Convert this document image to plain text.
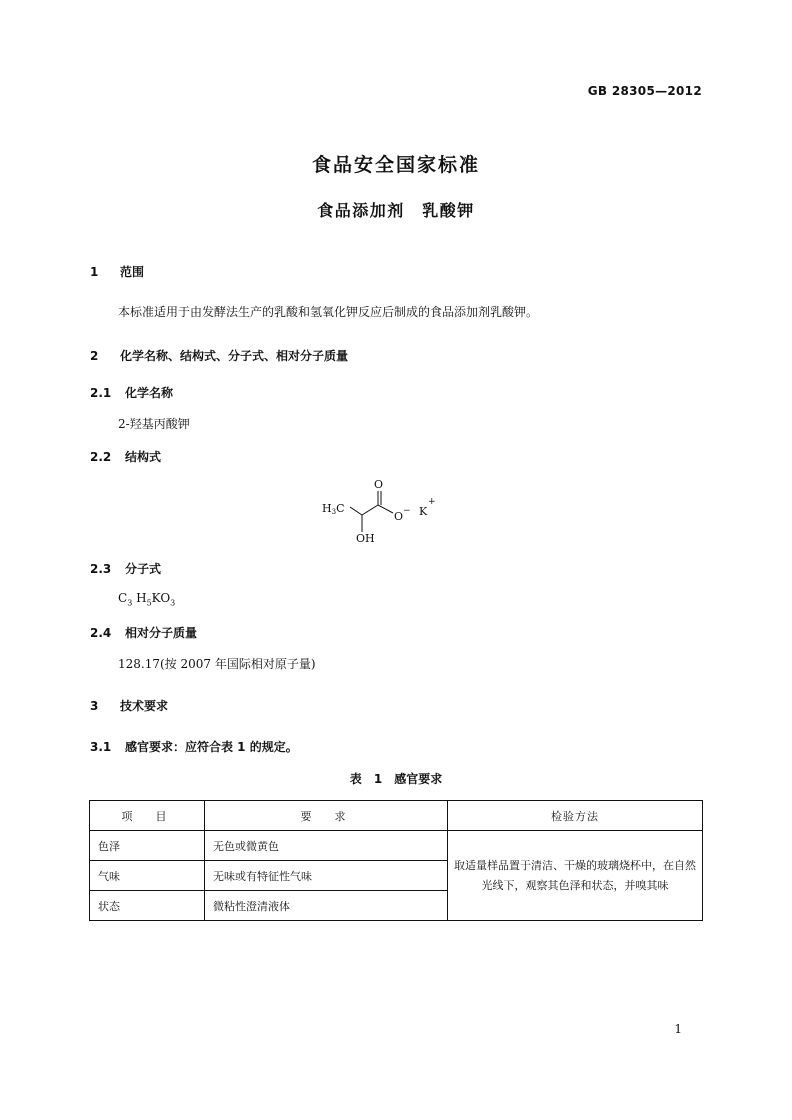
GB 28305—2012
食品安全国家标准
食品添加剂　乳酸钾
1 范围
本标准适用于由发酵法生产的乳酸和氢氧化钾反应后制成的食品添加剂乳酸钾。
2 化学名称、结构式、分子式、相对分子质量
2.1 化学名称
2-羟基丙酸钾
2.2 结构式
H3C
O
O − K
+
OH
2.3 分子式
$C_3$ $H_5KO_3$
2.4 相对分子质量
128.17(按 2007 年国际相对原子量)
3 技术要求
3.1 感官要求：应符合表 1 的规定。
表 1　感官要求
项　目	要　求	检验方法
色泽	无色或微黄色	取适量样品置于清洁、干燥的玻璃烧杯中，在自然光线下，观察其色泽和状态，并嗅其味
气味	无味或有特征性气味	
状态	微粘性澄清液体	
1
